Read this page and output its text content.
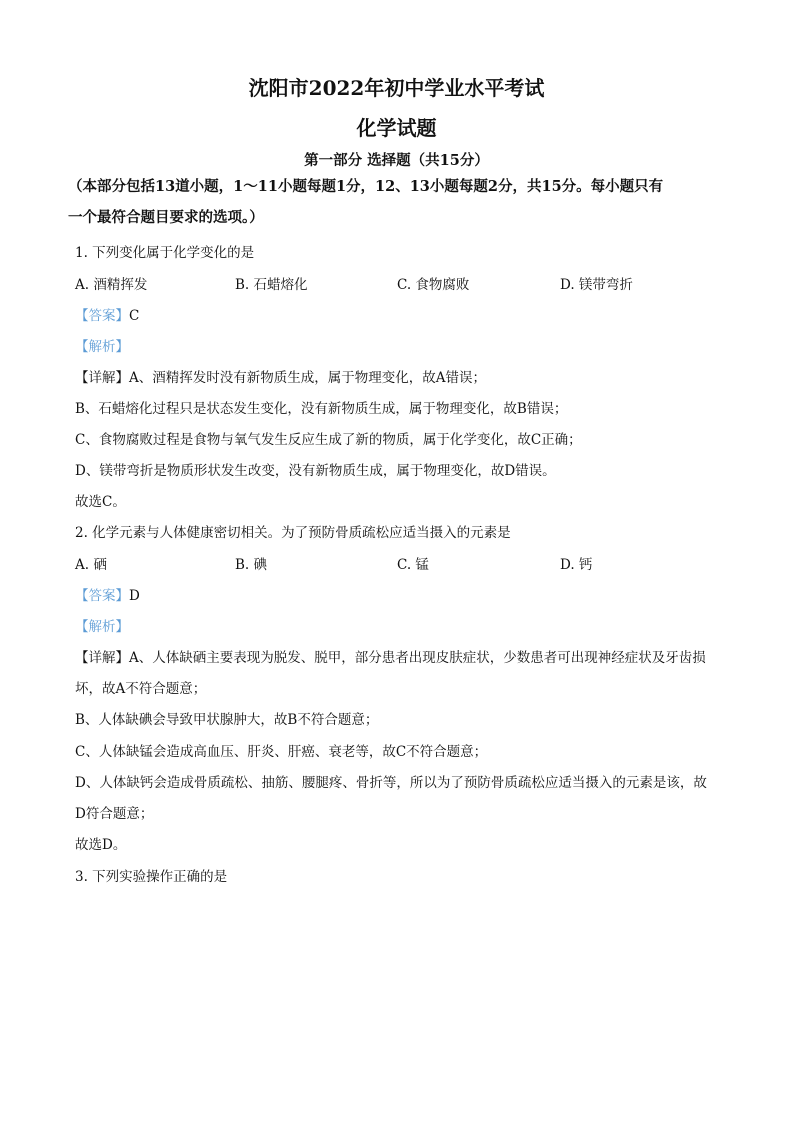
沈阳市2022年初中学业水平考试
化学试题
第一部分 选择题（共15分）
（本部分包括13道小题，1～11小题每题1分，12、13小题每题2分，共15分。每小题只有
一个最符合题目要求的选项。）
1. 下列变化属于化学变化的是
A. 酒精挥发	B. 石蜡熔化	C. 食物腐败	D. 镁带弯折
【答案】C
【解析】
【详解】A、酒精挥发时没有新物质生成，属于物理变化，故A错误；
B、石蜡熔化过程只是状态发生变化，没有新物质生成，属于物理变化，故B错误；
C、食物腐败过程是食物与氧气发生反应生成了新的物质，属于化学变化，故C正确；
D、镁带弯折是物质形状发生改变，没有新物质生成，属于物理变化，故D错误。
故选C。
2. 化学元素与人体健康密切相关。为了预防骨质疏松应适当摄入的元素是
A. 硒	B. 碘	C. 锰	D. 钙
【答案】D
【解析】
【详解】A、人体缺硒主要表现为脱发、脱甲，部分患者出现皮肤症状，少数患者可出现神经症状及牙齿损
坏，故A不符合题意；
B、人体缺碘会导致甲状腺肿大，故B不符合题意；
C、人体缺锰会造成高血压、肝炎、肝癌、衰老等，故C不符合题意；
D、人体缺钙会造成骨质疏松、抽筋、腰腿疼、骨折等，所以为了预防骨质疏松应适当摄入的元素是该，故
D符合题意；
故选D。
3. 下列实验操作正确的是
